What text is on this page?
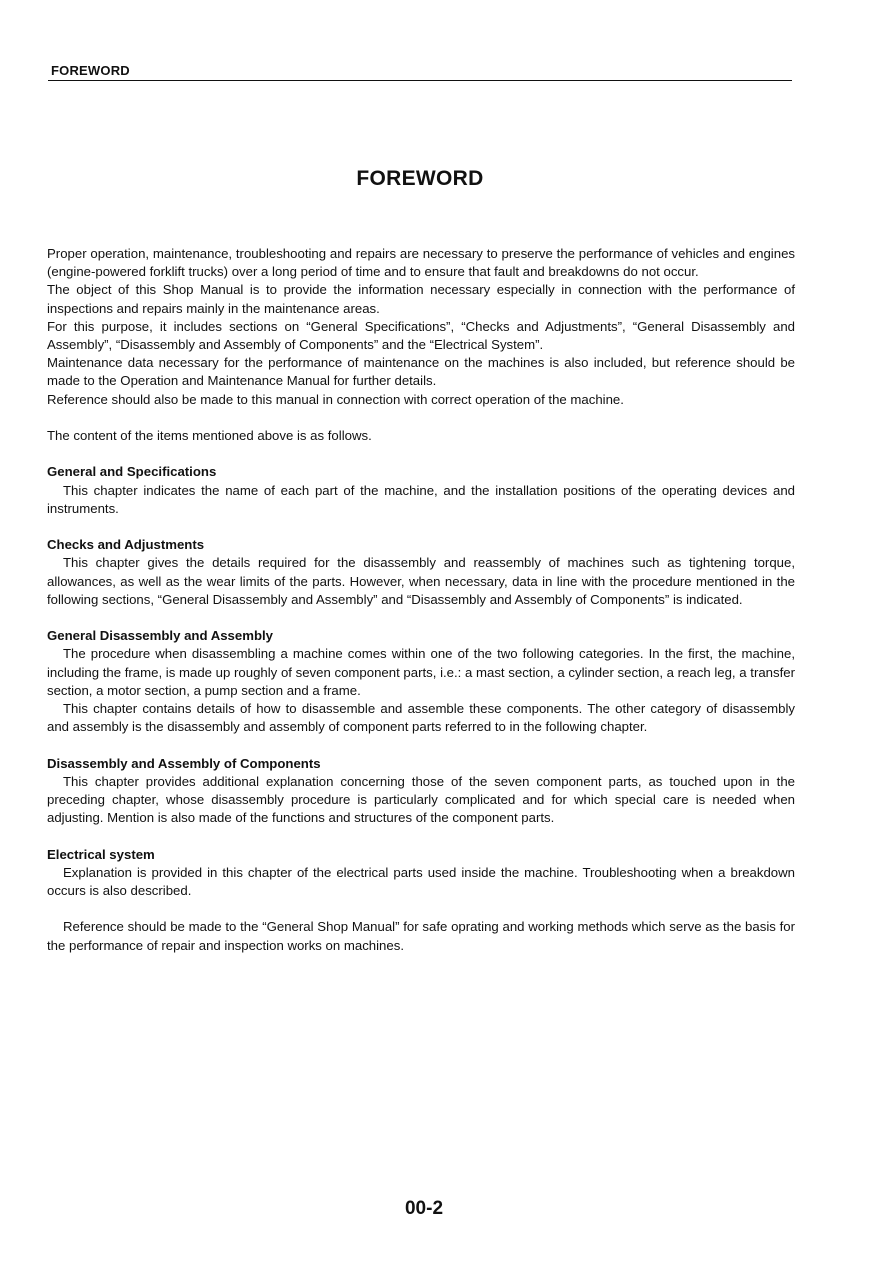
FOREWORD
FOREWORD

Proper operation, maintenance, troubleshooting and repairs are necessary to preserve the performance of vehicles and engines (engine-powered forklift trucks) over a long period of time and to ensure that fault and breakdowns do not occur.

The object of this Shop Manual is to provide the information necessary especially in connection with the performance of inspections and repairs mainly in the maintenance areas.

For this purpose, it includes sections on “General Specifications”, “Checks and Adjustments”, “General Disassembly and Assembly”, “Disassembly and Assembly of Components” and the “Electrical System”.

Maintenance data necessary for the performance of maintenance on the machines is also included, but reference should be made to the Operation and Maintenance Manual for further details.

Reference should also be made to this manual in connection with correct operation of the machine.

The content of the items mentioned above is as follows.

General and Specifications

This chapter indicates the name of each part of the machine, and the installation positions of the operating devices and instruments.

Checks and Adjustments

This chapter gives the details required for the disassembly and reassembly of machines such as tightening torque, allowances, as well as the wear limits of the parts. However, when necessary, data in line with the procedure mentioned in the following sections, “General Disassembly and Assembly” and “Disassembly and Assembly of Components” is indicated.

General Disassembly and Assembly

The procedure when disassembling a machine comes within one of the two following categories. In the first, the machine, including the frame, is made up roughly of seven component parts, i.e.: a mast section, a cylinder section, a reach leg, a transfer section, a motor section, a pump section and a frame.

This chapter contains details of how to disassemble and assemble these components. The other category of disassembly and assembly is the disassembly and assembly of component parts referred to in the following chapter.

Disassembly and Assembly of Components

This chapter provides additional explanation concerning those of the seven component parts, as touched upon in the preceding chapter, whose disassembly procedure is particularly complicated and for which special care is needed when adjusting. Mention is also made of the functions and structures of the component parts.

Electrical system

Explanation is provided in this chapter of the electrical parts used inside the machine. Troubleshooting when a breakdown occurs is also described.

Reference should be made to the “General Shop Manual” for safe oprating and working methods which serve as the basis for the performance of repair and inspection works on machines.

00-2
